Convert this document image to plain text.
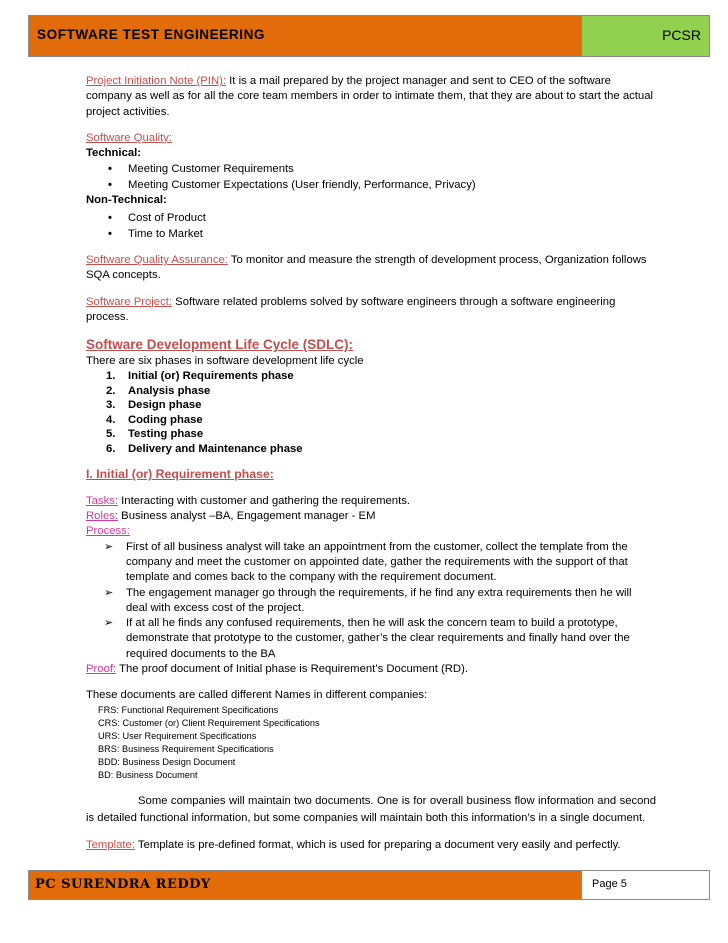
SOFTWARE TEST ENGINEERING	PCSR

Project Initiation Note (PIN): It is a mail prepared by the project manager and sent to CEO of the software company as well as for all the core team members in order to intimate them, that they are about to start the actual project activities.

Software Quality:

Technical:

• Meeting Customer Requirements
• Meeting Customer Expectations (User friendly, Performance, Privacy)

Non-Technical:

• Cost of Product
• Time to Market

Software Quality Assurance: To monitor and measure the strength of development process, Organization follows SQA concepts.

Software Project: Software related problems solved by software engineers through a software engineering process.

Software Development Life Cycle (SDLC):

There are six phases in software development life cycle

1. Initial (or) Requirements phase
2. Analysis phase
3. Design phase
4. Coding phase
5. Testing phase
6. Delivery and Maintenance phase

I. Initial (or) Requirement phase:

Tasks: Interacting with customer and gathering the requirements.

Roles: Business analyst –BA, Engagement manager - EM

Process:

➢ First of all business analyst will take an appointment from the customer, collect the template from the company and meet the customer on appointed date, gather the requirements with the support of that template and comes back to the company with the requirement document.
➢ The engagement manager go through the requirements, if he find any extra requirements then he will deal with excess cost of the project.
➢ If at all he finds any confused requirements, then he will ask the concern team to build a prototype, demonstrate that prototype to the customer, gather’s the clear requirements and finally hand over the required documents to the BA

Proof: The proof document of Initial phase is Requirement’s Document (RD).

These documents are called different Names in different companies:

FRS: Functional Requirement Specifications

CRS: Customer (or) Client Requirement Specifications

URS: User Requirement Specifications

BRS: Business Requirement Specifications

BDD: Business Design Document

BD: Business Document

Some companies will maintain two documents. One is for overall business flow information and second is detailed functional information, but some companies will maintain both this information’s in a single document.

Template: Template is pre-defined format, which is used for preparing a document very easily and perfectly.

PC SURENDRA REDDY	Page 5
